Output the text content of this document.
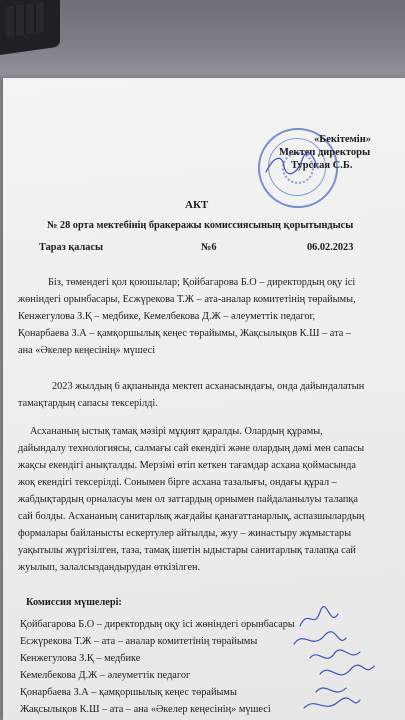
«Бекітемін»
Мектеп директоры
Турская С.Б.
АКТ
№ 28 орта мектебінің бракеражы комиссиясының қорытындысы
Тараз қаласы	№6	06.02.2023
Біз, төмендегі қол қоюшылар; Қойбагарова Б.О – директордың оқу ісі
жөніндегі орынбасары, Есжүрекова Т.Ж – ата-аналар комитетінің төрайымы,
Кенжегулова З.Қ – медбике, Кемелбекова Д.Ж – әлеуметтік педагог,
Қонарбаева З.А – қамқоршылық кеңес төрайымы, Жақсылықов К.Ш – ата –
ана «Әкелер кеңесінің» мүшесі
2023 жылдың 6 ақпанында мектеп асханасындағы, онда дайындалатын
тамақтардың сапасы тексерілді.
Асхананың ыстық тамақ мәзірі мұқият қаралды. Олардың құрамы,
дайындалу технологиясы, салмағы сай екендігі және олардың дәмі мен сапасы
жақсы екендігі анықталды. Мерзімі өтіп кеткен тағамдар асхана қоймасында
жоқ екендігі тексерілді. Сонымен бірге асхана тазалығы, ондағы құрал –
жабдықтардың орналасуы мен ол заттардың орнымен пайдаланылуы талапқа
сай болды. Асхананың санитарлық жағдайы қанағаттанарлық, аспазшылардың
формалары байланысты ескертулер айтылды, жуу – жинастыру жұмыстары
уақытылы жүргізілген, таза, тамақ ішетін ыдыстары санитарлық талапқа сай
жуылып, залалсыздандырудан өткізілген.
Комиссия мүшелері:
Қойбагарова Б.О – директордың оқу ісі жөніндегі орынбасары
Есжүрекова Т.Ж – ата – аналар комитетінің төрайымы
Кенжегулова З.Қ – медбике
Кемелбекова Д.Ж – әлеуметтік педагог
Қонарбаева З.А – қамқоршылық кеңес төрайымы
Жақсылықов К.Ш – ата – ана «Әкелер кеңесінің» мүшесі
